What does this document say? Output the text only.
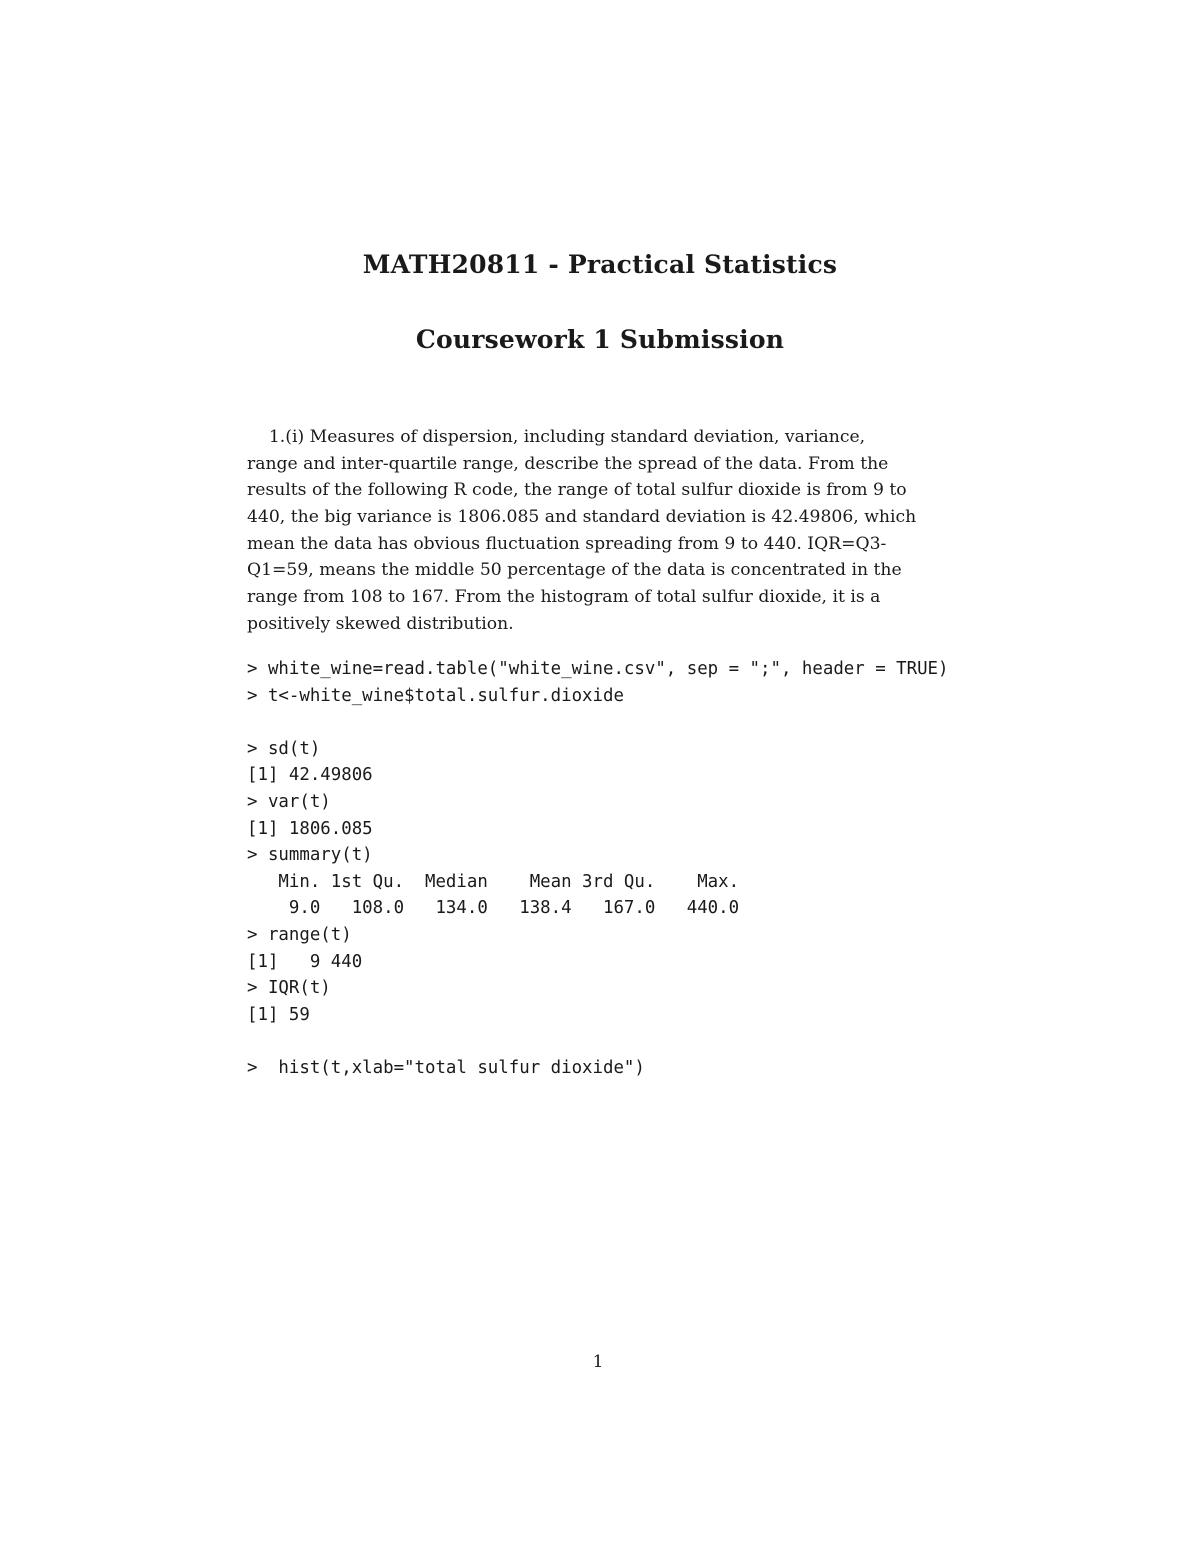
MATH20811 - Practical Statistics
Coursework 1 Submission
1.(i) Measures of dispersion, including standard deviation, variance,
range and inter-quartile range, describe the spread of the data. From the
results of the following R code, the range of total sulfur dioxide is from 9 to
440, the big variance is 1806.085 and standard deviation is 42.49806, which
mean the data has obvious fluctuation spreading from 9 to 440. IQR=Q3-
Q1=59, means the middle 50 percentage of the data is concentrated in the
range from 108 to 167. From the histogram of total sulfur dioxide, it is a
positively skewed distribution.
> white_wine=read.table("white_wine.csv", sep = ";", header = TRUE)
> t<-white_wine$total.sulfur.dioxide
> sd(t)
[1] 42.49806
> var(t)
[1] 1806.085
> summary(t)
Min. 1st Qu.  Median    Mean 3rd Qu.    Max.
9.0   108.0   134.0   138.4   167.0   440.0
> range(t)
[1]   9 440
> IQR(t)
[1] 59
>  hist(t,xlab="total sulfur dioxide")
1
